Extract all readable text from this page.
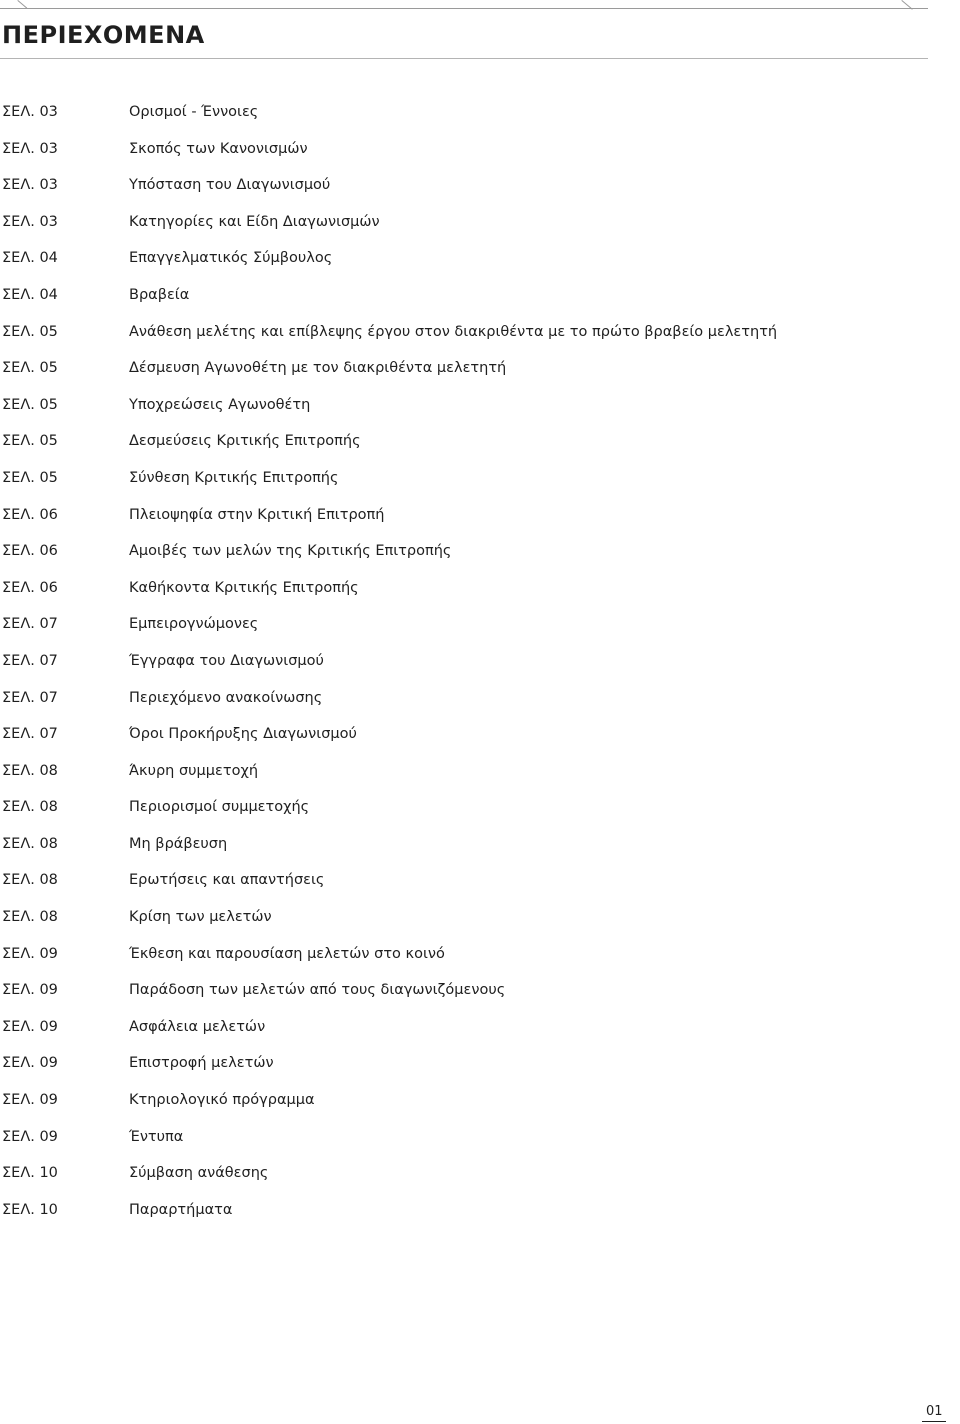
ΠΕΡΙΕΧΟΜΕΝΑ
ΣΕΛ. 03	Ορισμοί - Έννοιες
ΣΕΛ. 03	Σκοπός των Κανονισμών
ΣΕΛ. 03	Υπόσταση του Διαγωνισμού
ΣΕΛ. 03	Κατηγορίες και Είδη Διαγωνισμών
ΣΕΛ. 04	Επαγγελματικός Σύμβουλος
ΣΕΛ. 04	Βραβεία
ΣΕΛ. 05	Ανάθεση μελέτης και επίβλεψης έργου στον διακριθέντα με το πρώτο βραβείο μελετητή
ΣΕΛ. 05	Δέσμευση Αγωνοθέτη με τον διακριθέντα μελετητή
ΣΕΛ. 05	Υποχρεώσεις Αγωνοθέτη
ΣΕΛ. 05	Δεσμεύσεις Κριτικής Επιτροπής
ΣΕΛ. 05	Σύνθεση Κριτικής Επιτροπής
ΣΕΛ. 06	Πλειοψηφία στην Κριτική Επιτροπή
ΣΕΛ. 06	Αμοιβές των μελών της Κριτικής Επιτροπής
ΣΕΛ. 06	Καθήκοντα Κριτικής Επιτροπής
ΣΕΛ. 07	Εμπειρογνώμονες
ΣΕΛ. 07	Έγγραφα του Διαγωνισμού
ΣΕΛ. 07	Περιεχόμενο ανακοίνωσης
ΣΕΛ. 07	Όροι Προκήρυξης Διαγωνισμού
ΣΕΛ. 08	Άκυρη συμμετοχή
ΣΕΛ. 08	Περιορισμοί συμμετοχής
ΣΕΛ. 08	Μη βράβευση
ΣΕΛ. 08	Ερωτήσεις και απαντήσεις
ΣΕΛ. 08	Κρίση των μελετών
ΣΕΛ. 09	Έκθεση και παρουσίαση μελετών στο κοινό
ΣΕΛ. 09	Παράδοση των μελετών από τους διαγωνιζόμενους
ΣΕΛ. 09	Ασφάλεια μελετών
ΣΕΛ. 09	Επιστροφή μελετών
ΣΕΛ. 09	Κτηριολογικό πρόγραμμα
ΣΕΛ. 09	Έντυπα
ΣΕΛ. 10	Σύμβαση ανάθεσης
ΣΕΛ. 10	Παραρτήματα
01
